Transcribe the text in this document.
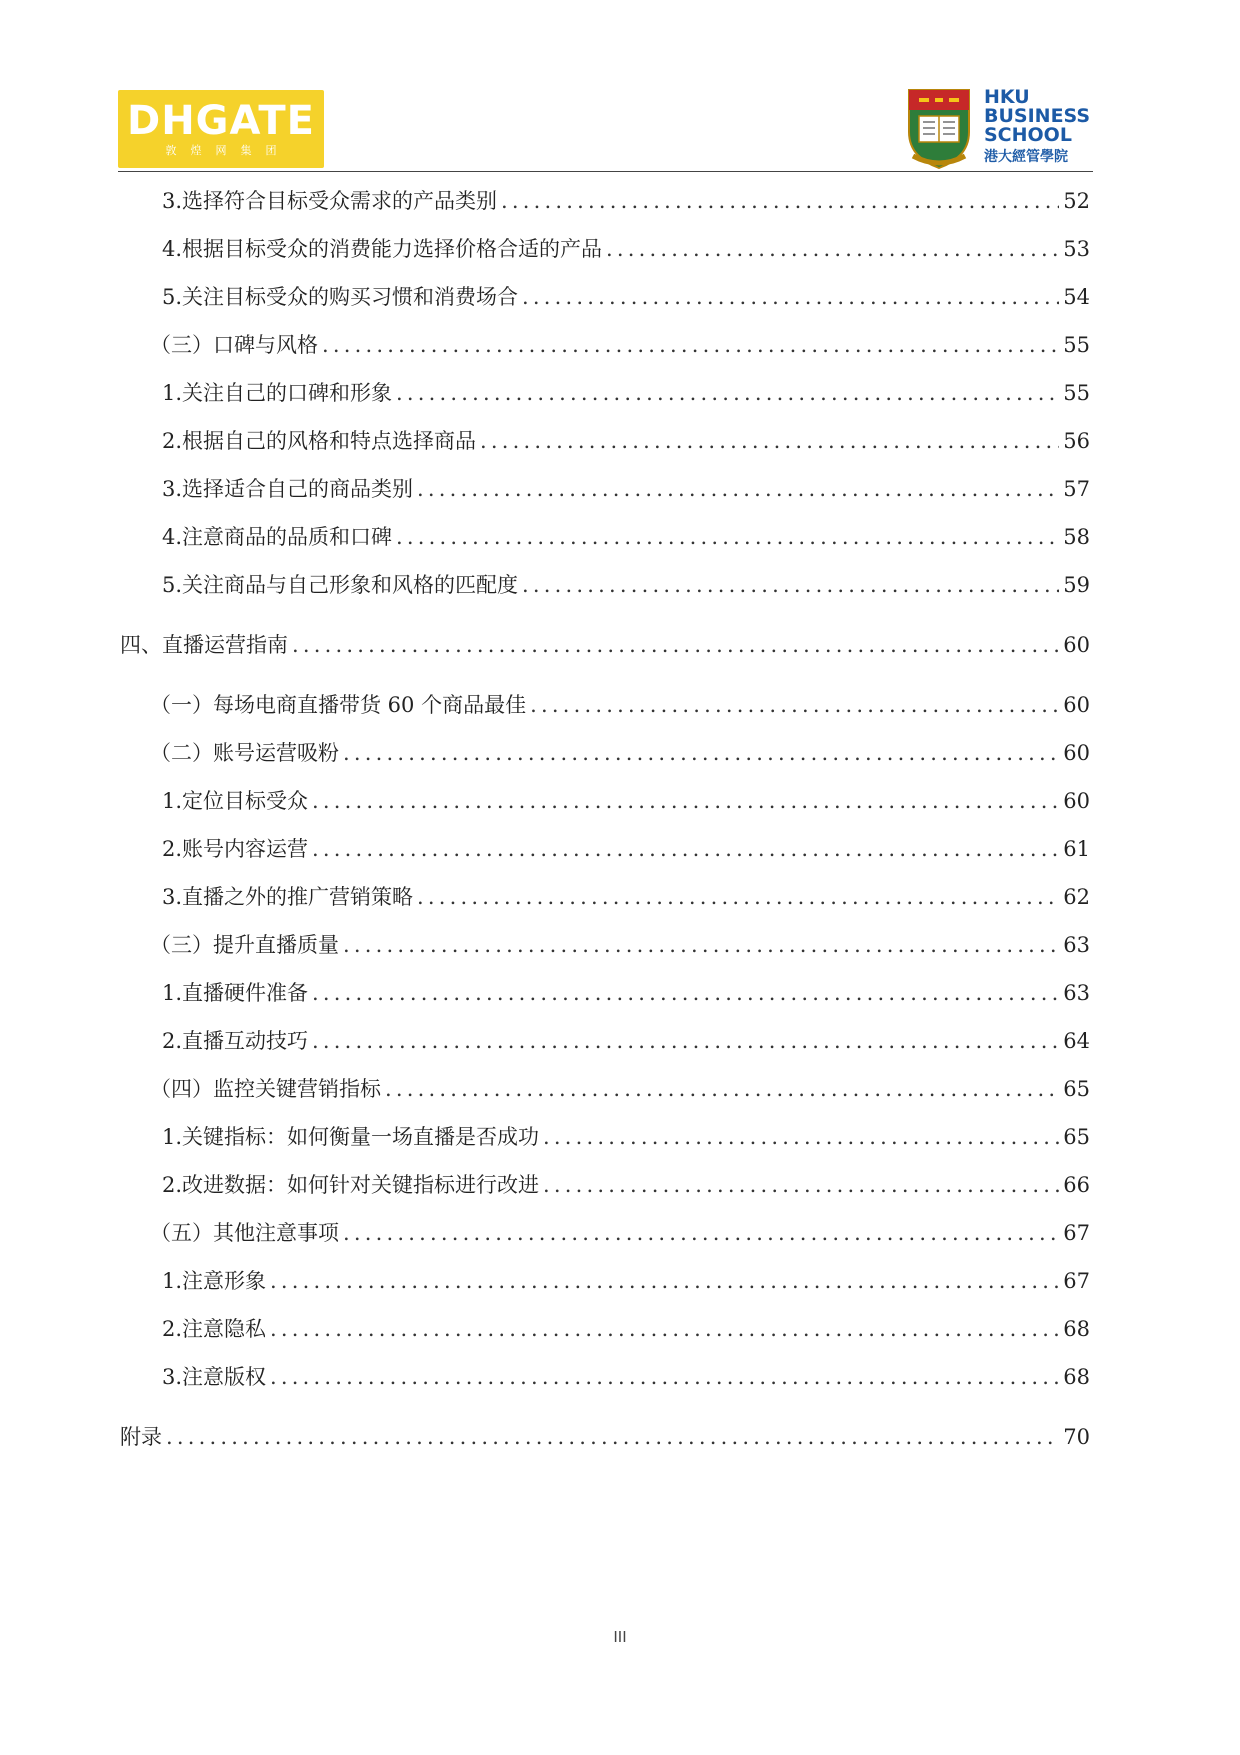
DHGATE
敦煌网集团
HKU
BUSINESS
SCHOOL
港大經管學院
3.选择符合目标受众需求的产品类别 .....	52
4.根据目标受众的消费能力选择价格合适的产品 .....	53
5.关注目标受众的购买习惯和消费场合 .....	54
（三）口碑与风格 .....	55
1.关注自己的口碑和形象 .....	55
2.根据自己的风格和特点选择商品 .....	56
3.选择适合自己的商品类别 .....	57
4.注意商品的品质和口碑 .....	58
5.关注商品与自己形象和风格的匹配度 .....	59
四、直播运营指南 .....	60
（一）每场电商直播带货 60 个商品最佳 .....	60
（二）账号运营吸粉 .....	60
1.定位目标受众 .....	60
2.账号内容运营 .....	61
3.直播之外的推广营销策略 .....	62
（三）提升直播质量 .....	63
1.直播硬件准备 .....	63
2.直播互动技巧 .....	64
（四）监控关键营销指标 .....	65
1.关键指标：如何衡量一场直播是否成功 .....	65
2.改进数据：如何针对关键指标进行改进 .....	66
（五）其他注意事项 .....	67
1.注意形象 .....	67
2.注意隐私 .....	68
3.注意版权 .....	68
附录 .....	70
III
